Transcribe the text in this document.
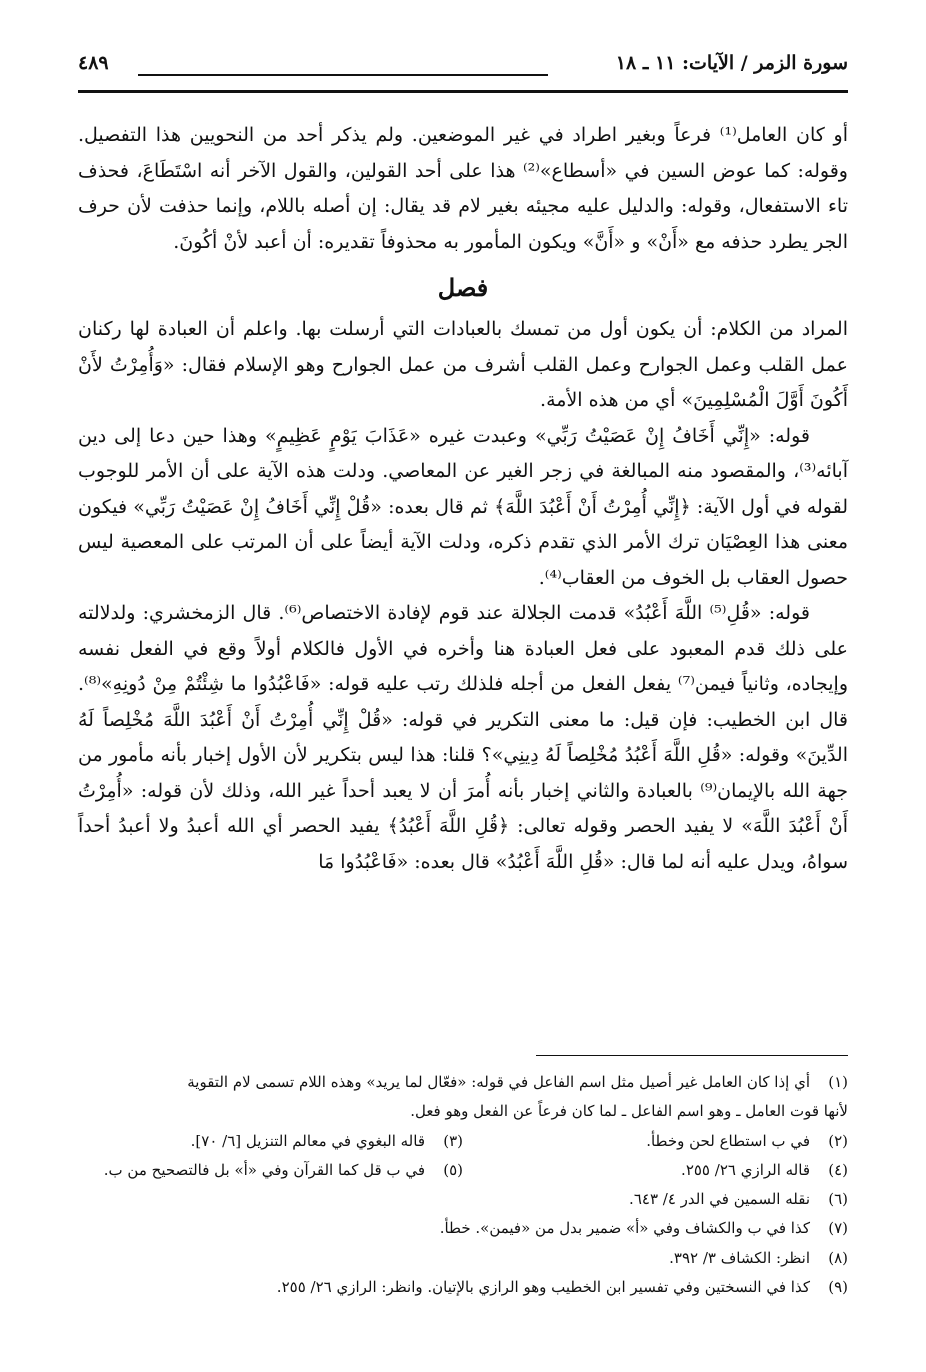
سورة الزمر / الآيات: ١١ ـ ١٨
٤٨٩

أو كان العامل⁽¹⁾ فرعاً وبغير اطراد في غير الموضعين. ولم يذكر أحد من النحويين هذا التفصيل. وقوله: كما عوض السين في «أسطاع»⁽²⁾ هذا على أحد القولين، والقول الآخر أنه اسْتَطَاعَ، فحذف تاء الاستفعال، وقوله: والدليل عليه مجيئه بغير لام قد يقال: إن أصله باللام، وإنما حذفت لأن حرف الجر يطرد حذفه مع «أَنْ» و «أَنَّ» ويكون المأمور به محذوفاً تقديره: أن أعبد لأنْ أكُونَ.

فصل

المراد من الكلام: أن يكون أول من تمسك بالعبادات التي أرسلت بها. واعلم أن العبادة لها ركنان عمل القلب وعمل الجوارح وعمل القلب أشرف من عمل الجوارح وهو الإسلام فقال: «وَأُمِرْتُ لأَنْ أَكُونَ أَوَّلَ الْمُسْلِمِينَ» أي من هذه الأمة.

قوله: «إِنِّي أَخَافُ إِنْ عَصَيْتُ رَبِّي» وعبدت غيره «عَذَابَ يَوْمٍ عَظِيمٍ» وهذا حين دعا إلى دين آبائه⁽³⁾، والمقصود منه المبالغة في زجر الغير عن المعاصي. ودلت هذه الآية على أن الأمر للوجوب لقوله في أول الآية: ﴿إِنِّي أُمِرْتُ أَنْ أَعْبُدَ اللَّهَ﴾ ثم قال بعده: «قُلْ إِنِّي أَخَافُ إِنْ عَصَيْتُ رَبِّي» فيكون معنى هذا العِصْيَان ترك الأمر الذي تقدم ذكره، ودلت الآية أيضاً على أن المرتب على المعصية ليس حصول العقاب بل الخوف من العقاب⁽⁴⁾.

قوله: «قُلِ⁽⁵⁾ اللَّهَ أَعْبُدُ» قدمت الجلالة عند قوم لإفادة الاختصاص⁽⁶⁾. قال الزمخشري: ولدلالته على ذلك قدم المعبود على فعل العبادة هنا وأخره في الأول فالكلام أولاً وقع في الفعل نفسه وإيجاده، وثانياً فيمن⁽⁷⁾ يفعل الفعل من أجله فلذلك رتب عليه قوله: «فَاعْبُدُوا ما شِئْتُمْ مِنْ دُونِهِ»⁽⁸⁾. قال ابن الخطيب: فإن قيل: ما معنى التكرير في قوله: «قُلْ إِنِّي أُمِرْتُ أَنْ أَعْبُدَ اللَّهَ مُخْلِصاً لَهُ الدِّينَ» وقوله: «قُلِ اللَّهَ أَعْبُدُ مُخْلِصاً لَهُ دِينِي»؟ قلنا: هذا ليس بتكرير لأن الأول إخبار بأنه مأمور من جهة الله بالإيمان⁽⁹⁾ بالعبادة والثاني إخبار بأنه أُمرَ أن لا يعبد أحداً غير الله، وذلك لأن قوله: «أُمِرْتُ أَنْ أَعْبُدَ اللَّهَ» لا يفيد الحصر وقوله تعالى: ﴿قُلِ اللَّهَ أَعْبُدُ﴾ يفيد الحصر أي الله أعبدُ ولا أعبدُ أحداً سواهُ، ويدل عليه أنه لما قال: «قُلِ اللَّهَ أَعْبُدُ» قال بعده: «فَاعْبُدُوا مَا

(١)
أي إذا كان العامل غير أصيل مثل اسم الفاعل في قوله: «فعّال لما يريد» وهذه اللام تسمى لام التقوية
لأنها قوت العامل ـ وهو اسم الفاعل ـ لما كان فرعاً عن الفعل وهو فعل.
(٢)
في ب استطاع لحن وخطأ.
(٣)
قاله البغوي في معالم التنزيل [٦/ ٧٠].
(٤)
قاله الرازي ٢٦/ ٢٥٥.
(٥)
في ب قل كما القرآن وفي «أ» بل فالتصحيح من ب.
(٦)
نقله السمين في الدر ٤/ ٦٤٣.
(٧)
كذا في ب والكشاف وفي «أ» ضمير بدل من «فيمن». خطأ.
(٨)
انظر: الكشاف ٣/ ٣٩٢.
(٩)
كذا في النسختين وفي تفسير ابن الخطيب وهو الرازي بالإتيان. وانظر: الرازي ٢٦/ ٢٥٥.
